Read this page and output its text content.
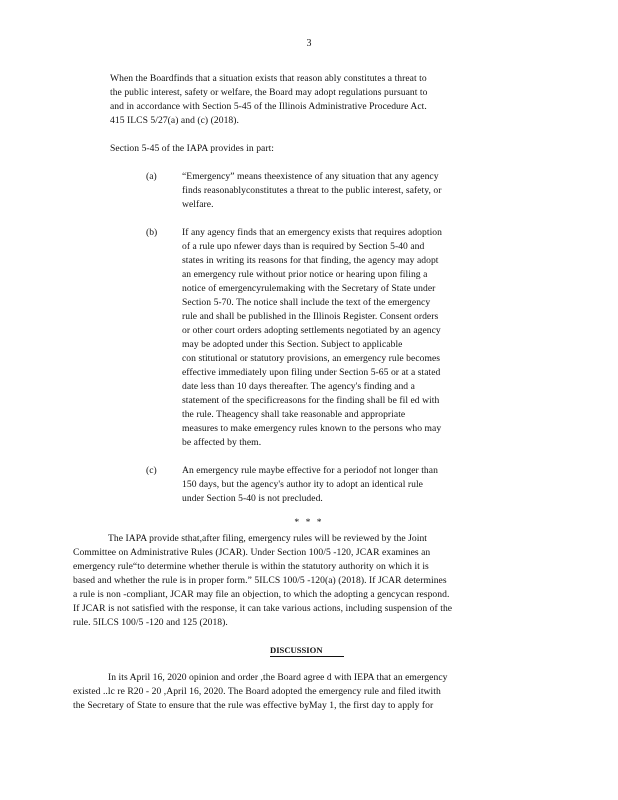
3
When the Boardfinds that a situation exists that reason ably constitutes a threat to
the public interest, safety or welfare, the Board may adopt regulations pursuant to
and in accordance with Section 5-45 of the Illinois Administrative Procedure Act.
415 ILCS 5/27(a) and (c) (2018).
Section 5-45 of the IAPA provides in part:
(a)	“Emergency” means theexistence of any situation that any agency
finds reasonablyconstitutes a threat to the public interest, safety, or
welfare.
(b)	If any agency finds that an emergency exists that requires adoption
of a rule upo nfewer days than is required by Section 5-40 and
states in writing its reasons for that finding, the agency may adopt
an emergency rule without prior notice or hearing upon filing a
notice of emergencyrulemaking with the Secretary of State under
Section 5-70. The notice shall include the text of the emergency
rule and shall be published in the Illinois Register. Consent orders
or other court orders adopting settlements negotiated by an agency
may be adopted under this Section. Subject to applicable
con stitutional or statutory provisions, an emergency rule becomes
effective immediately upon filing under Section 5-65 or at a stated
date less than 10 days thereafter. The agency's finding and a
statement of the specificreasons for the finding shall be fil ed with
the rule. Theagency shall take reasonable and appropriate
measures to make emergency rules known to the persons who may
be affected by them.
(c)	An emergency rule maybe effective for a periodof not longer than
150 days, but the agency's author ity to adopt an identical rule
under Section 5-40 is not precluded.
* * *
The IAPA provide sthat,after filing, emergency rules will be reviewed by the Joint
Committee on Administrative Rules (JCAR). Under Section 100/5 -120, JCAR examines an
emergency rule“to determine whether therule is within the statutory authority on which it is
based and whether the rule is in proper form.” 5ILCS 100/5 -120(a) (2018). If JCAR determines
a rule is non -compliant, JCAR may file an objection, to which the adopting a gencycan respond.
If JCAR is not satisfied with the response, it can take various actions, including suspension of the
rule. 5ILCS 100/5 -120 and 125 (2018).
DISCUSSION
In its April 16, 2020 opinion and order ,the Board agree d with IEPA that an emergency
existed ..lc re R20 - 20 ,April 16, 2020. The Board adopted the emergency rule and filed itwith
the Secretary of State to ensure that the rule was effective byMay 1, the first day to apply for
